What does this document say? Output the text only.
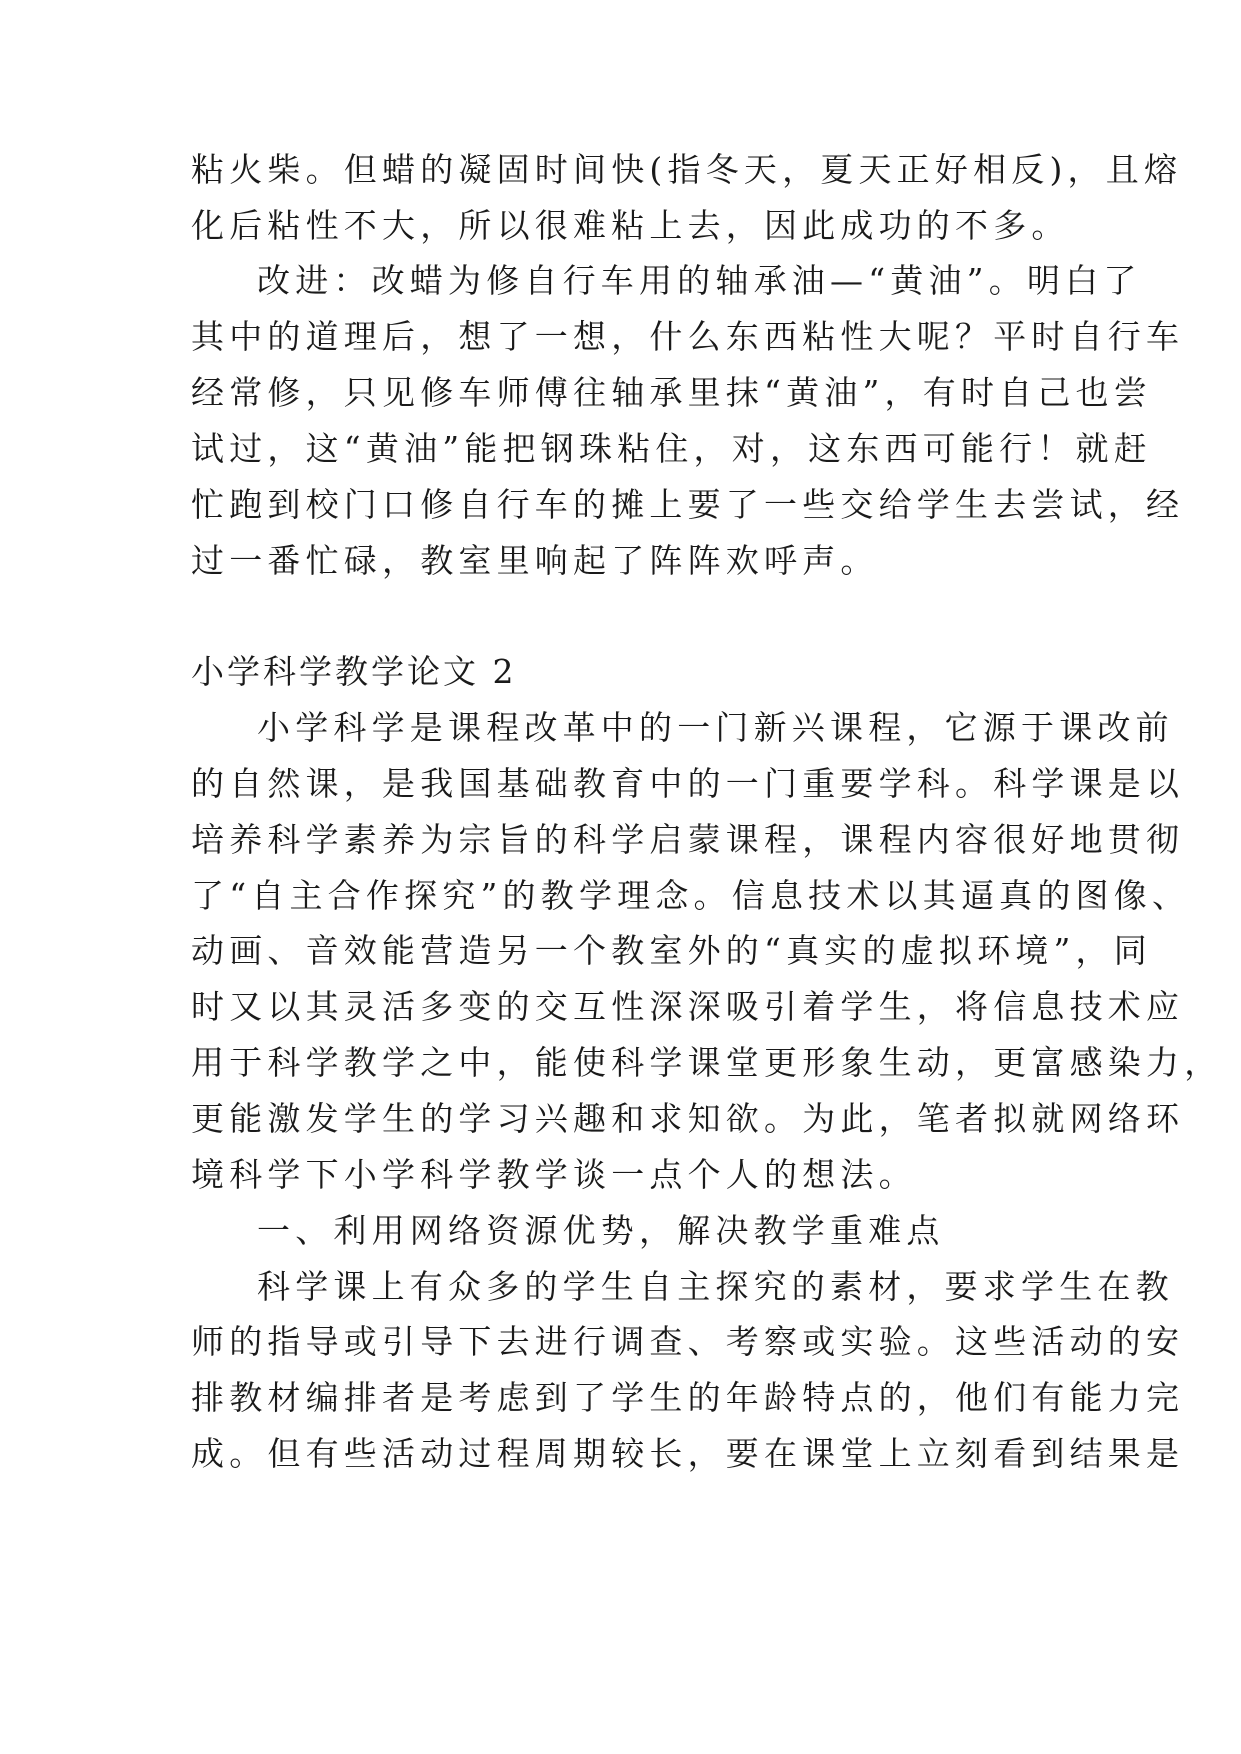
粘火柴。但蜡的凝固时间快(指冬天，夏天正好相反)，且熔
化后粘性不大，所以很难粘上去，因此成功的不多。
改进：改蜡为修自行车用的轴承油—“黄油”。明白了
其中的道理后，想了一想，什么东西粘性大呢？平时自行车
经常修，只见修车师傅往轴承里抹“黄油”，有时自己也尝
试过，这“黄油”能把钢珠粘住，对，这东西可能行！就赶
忙跑到校门口修自行车的摊上要了一些交给学生去尝试，经
过一番忙碌，教室里响起了阵阵欢呼声。
小学科学教学论文 2
小学科学是课程改革中的一门新兴课程，它源于课改前
的自然课，是我国基础教育中的一门重要学科。科学课是以
培养科学素养为宗旨的科学启蒙课程，课程内容很好地贯彻
了“自主合作探究”的教学理念。信息技术以其逼真的图像、
动画、音效能营造另一个教室外的“真实的虚拟环境”，同
时又以其灵活多变的交互性深深吸引着学生，将信息技术应
用于科学教学之中，能使科学课堂更形象生动，更富感染力，
更能激发学生的学习兴趣和求知欲。为此，笔者拟就网络环
境科学下小学科学教学谈一点个人的想法。
一、利用网络资源优势，解决教学重难点
科学课上有众多的学生自主探究的素材，要求学生在教
师的指导或引导下去进行调查、考察或实验。这些活动的安
排教材编排者是考虑到了学生的年龄特点的，他们有能力完
成。但有些活动过程周期较长，要在课堂上立刻看到结果是
